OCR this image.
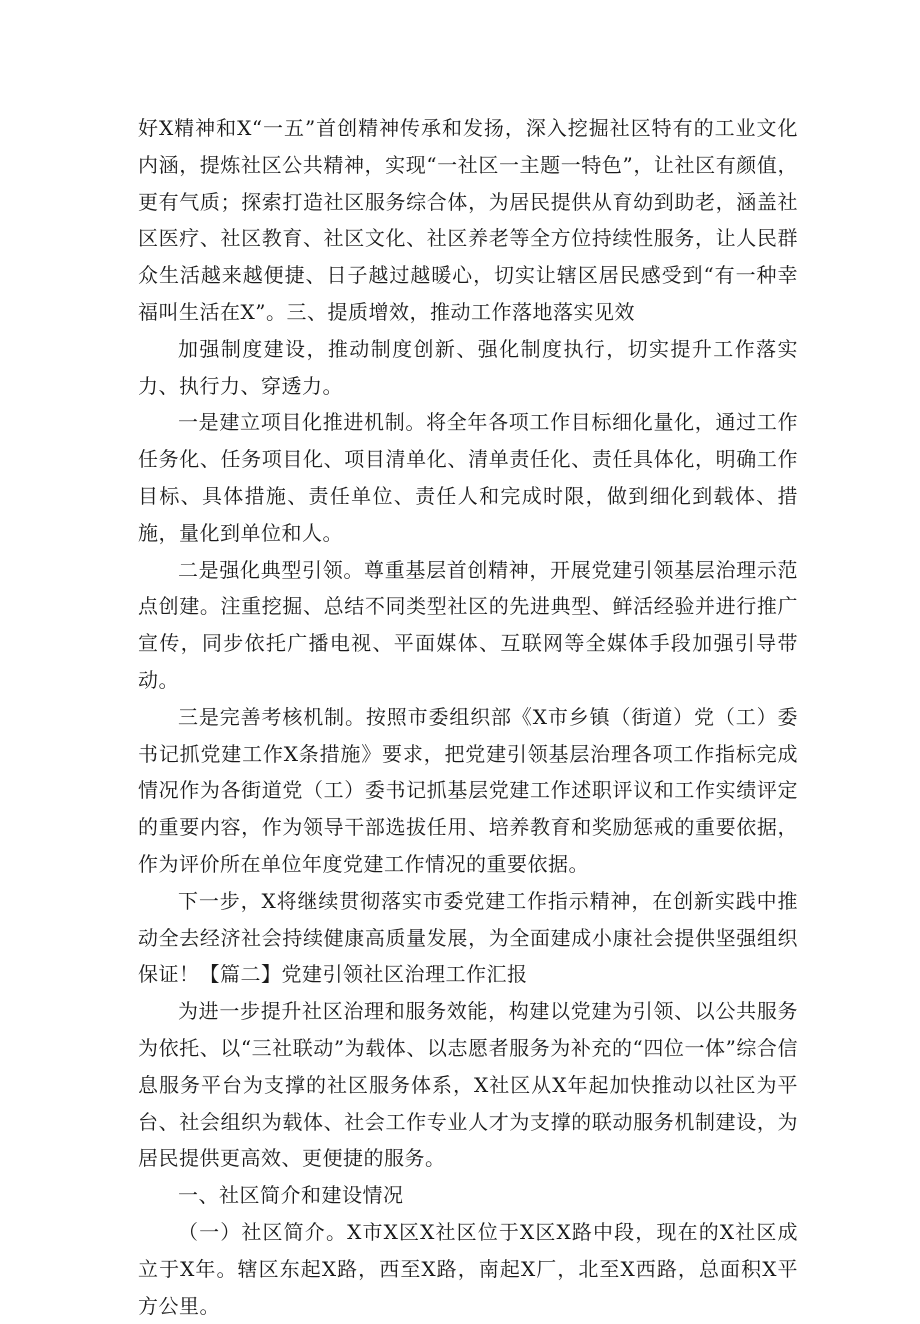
好X精神和X“一五”首创精神传承和发扬，深入挖掘社区特有的工业文化内涵，提炼社区公共精神，实现“一社区一主题一特色”，让社区有颜值，更有气质；探索打造社区服务综合体，为居民提供从育幼到助老，涵盖社区医疗、社区教育、社区文化、社区养老等全方位持续性服务，让人民群众生活越来越便捷、日子越过越暖心，切实让辖区居民感受到“有一种幸福叫生活在X”。三、提质增效，推动工作落地落实见效

加强制度建设，推动制度创新、强化制度执行，切实提升工作落实力、执行力、穿透力。

一是建立项目化推进机制。将全年各项工作目标细化量化，通过工作任务化、任务项目化、项目清单化、清单责任化、责任具体化，明确工作目标、具体措施、责任单位、责任人和完成时限，做到细化到载体、措施，量化到单位和人。

二是强化典型引领。尊重基层首创精神，开展党建引领基层治理示范点创建。注重挖掘、总结不同类型社区的先进典型、鲜活经验并进行推广宣传，同步依托广播电视、平面媒体、互联网等全媒体手段加强引导带动。

三是完善考核机制。按照市委组织部《X市乡镇（街道）党（工）委书记抓党建工作X条措施》要求，把党建引领基层治理各项工作指标完成情况作为各街道党（工）委书记抓基层党建工作述职评议和工作实绩评定的重要内容，作为领导干部选拔任用、培养教育和奖励惩戒的重要依据，作为评价所在单位年度党建工作情况的重要依据。

下一步，X将继续贯彻落实市委党建工作指示精神，在创新实践中推动全去经济社会持续健康高质量发展，为全面建成小康社会提供坚强组织保证！【篇二】党建引领社区治理工作汇报

为进一步提升社区治理和服务效能，构建以党建为引领、以公共服务为依托、以“三社联动”为载体、以志愿者服务为补充的“四位一体”综合信息服务平台为支撑的社区服务体系，X社区从X年起加快推动以社区为平台、社会组织为载体、社会工作专业人才为支撑的联动服务机制建设，为居民提供更高效、更便捷的服务。

一、社区简介和建设情况

（一）社区简介。X市X区X社区位于X区X路中段，现在的X社区成立于X年。辖区东起X路，西至X路，南起X厂，北至X西路，总面积X平方公里。
